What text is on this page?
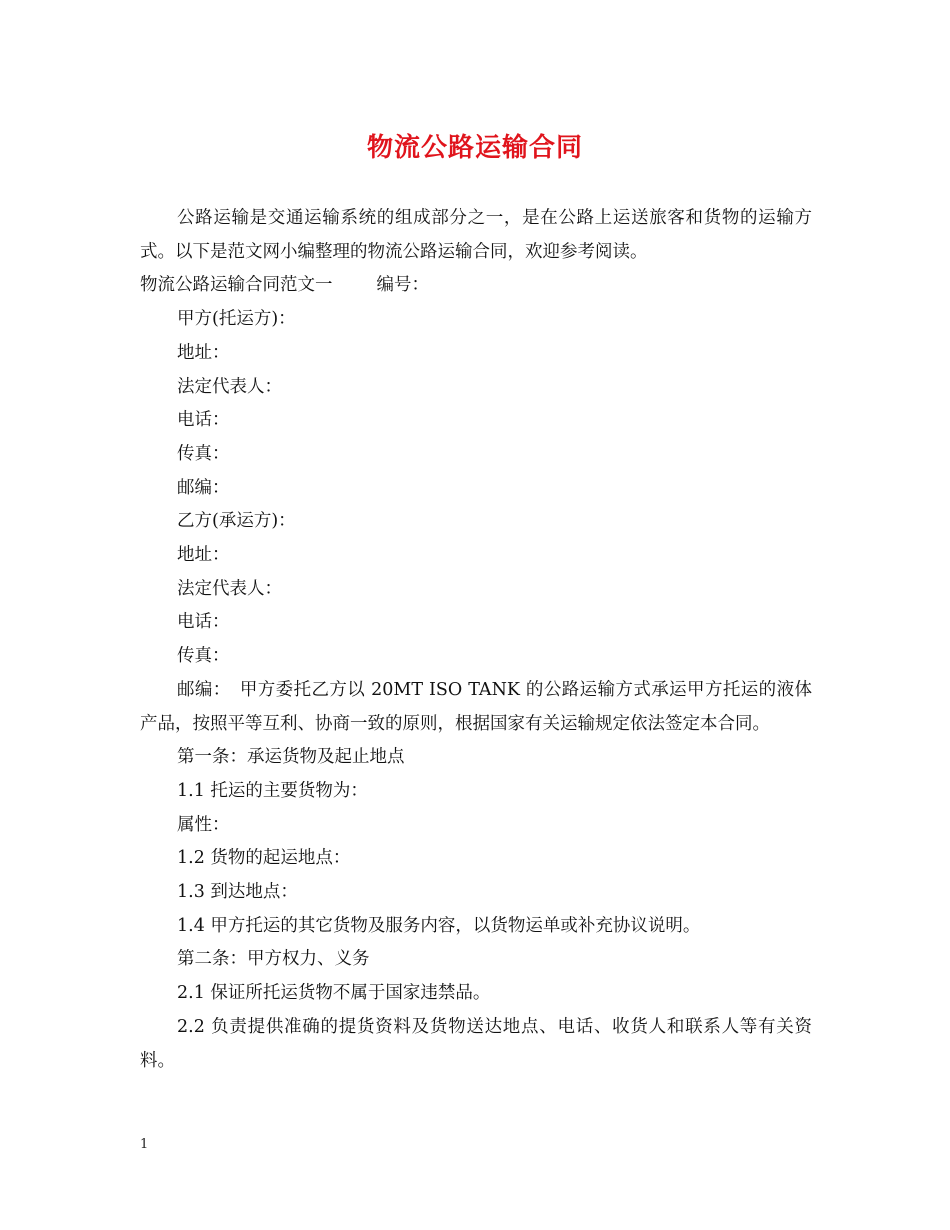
物流公路运输合同

公路运输是交通运输系统的组成部分之一，是在公路上运送旅客和货物的运输方式。以下是范文网小编整理的物流公路运输合同，欢迎参考阅读。

物流公路运输合同范文一	编号：

甲方(托运方)：

地址：

法定代表人：

电话：

传真：

邮编：

乙方(承运方)：

地址：

法定代表人：

电话：

传真：

邮编：　甲方委托乙方以 20MT ISO TANK 的公路运输方式承运甲方托运的液体产品，按照平等互利、协商一致的原则，根据国家有关运输规定依法签定本合同。

第一条：承运货物及起止地点

1.1 托运的主要货物为：

属性：

1.2 货物的起运地点：

1.3 到达地点：

1.4 甲方托运的其它货物及服务内容，以货物运单或补充协议说明。

第二条：甲方权力、义务

2.1 保证所托运货物不属于国家违禁品。

2.2 负责提供准确的提货资料及货物送达地点、电话、收货人和联系人等有关资料。

1
